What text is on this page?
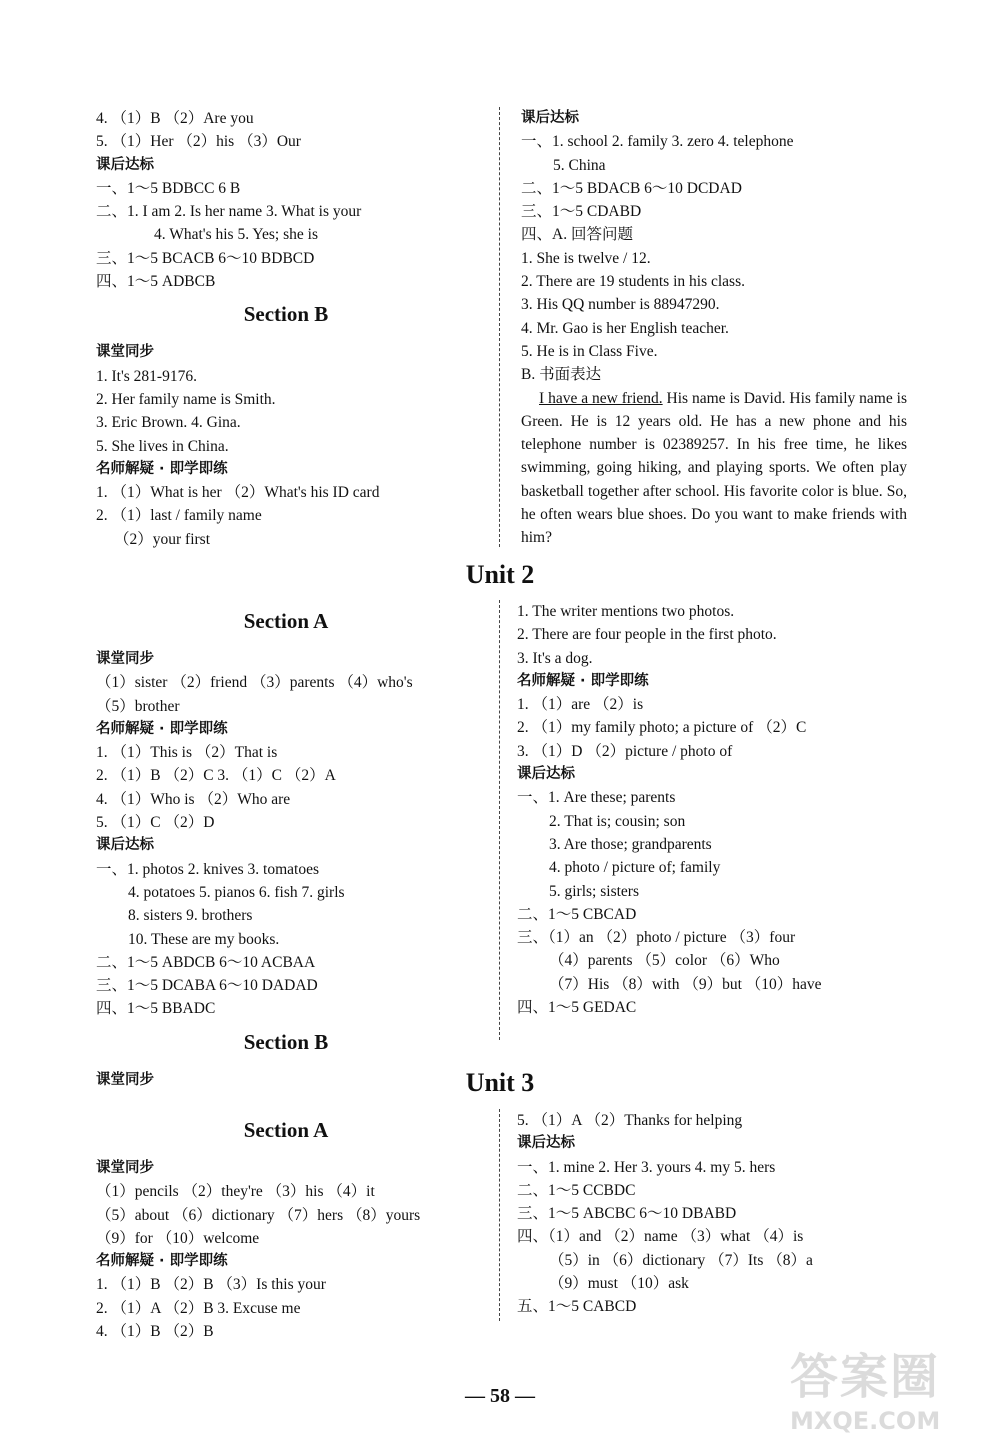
4. （1）B （2）Are you
5. （1）Her （2）his （3）Our
课后达标
一、1～5 BDBCC 6 B
二、1. I am 2. Is her name 3. What is your
4. What's his 5. Yes; she is
三、1～5 BCACB 6～10 BDBCD
四、1～5 ADBCB
Section B
课堂同步
1. It's 281-9176.
2. Her family name is Smith.
3. Eric Brown. 4. Gina.
5. She lives in China.
名师解疑 · 即学即练
1. （1）What is her （2）What's his ID card
2. （1）last / family name
（2）your first
课后达标
一、1. school 2. family 3. zero 4. telephone
5. China
二、1～5 BDACB 6～10 DCDAD
三、1～5 CDABD
四、A. 回答问题
1. She is twelve / 12.
2. There are 19 students in his class.
3. His QQ number is 88947290.
4. Mr. Gao is her English teacher.
5. He is in Class Five.
B. 书面表达
I have a new friend. His name is David. His family name is Green. He is 12 years old. He has a new phone and his telephone number is 02389257. In his free time, he likes swimming, going hiking, and playing sports. We often play basketball together after school. His favorite color is blue. So, he often wears blue shoes. Do you want to make friends with him?
Unit 2
Section A
课堂同步
（1）sister （2）friend （3）parents （4）who's
（5）brother
名师解疑 · 即学即练
1. （1）This is （2）That is
2. （1）B （2）C 3. （1）C （2）A
4. （1）Who is （2）Who are
5. （1）C （2）D
课后达标
一、1. photos 2. knives 3. tomatoes
4. potatoes 5. pianos 6. fish 7. girls
8. sisters 9. brothers
10. These are my books.
二、1～5 ABDCB 6～10 ACBAA
三、1～5 DCABA 6～10 DADAD
四、1～5 BBADC
Section B
课堂同步
1. The writer mentions two photos.
2. There are four people in the first photo.
3. It's a dog.
名师解疑 · 即学即练
1. （1）are （2）is
2. （1）my family photo; a picture of （2）C
3. （1）D （2）picture / photo of
课后达标
一、1. Are these; parents
2. That is; cousin; son
3. Are those; grandparents
4. photo / picture of; family
5. girls; sisters
二、1～5 CBCAD
三、（1）an （2）photo / picture （3）four
（4）parents （5）color （6）Who
（7）His （8）with （9）but （10）have
四、1～5 GEDAC
Unit 3
Section A
课堂同步
（1）pencils （2）they're （3）his （4）it
（5）about （6）dictionary （7）hers （8）yours
（9）for （10）welcome
名师解疑 · 即学即练
1. （1）B （2）B （3）Is this your
2. （1）A （2）B 3. Excuse me
4. （1）B （2）B
5. （1）A （2）Thanks for helping
课后达标
一、1. mine 2. Her 3. yours 4. my 5. hers
二、1～5 CCBDC
三、1～5 ABCBC 6～10 DBABD
四、（1）and （2）name （3）what （4）is
（5）in （6）dictionary （7）Its （8）a
（9）must （10）ask
五、1～5 CABCD
— 58 —	答案圈
MXQE.COM
